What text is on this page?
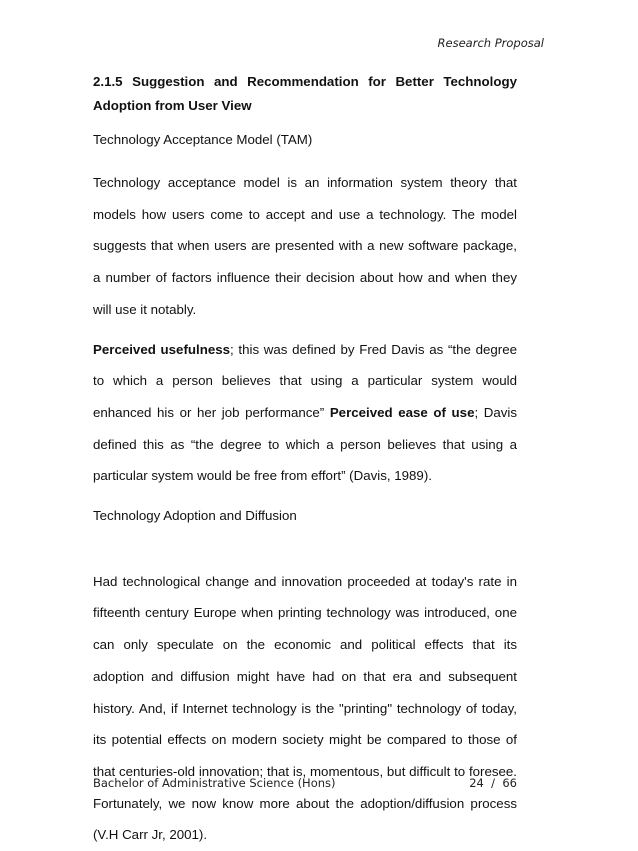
Research Proposal
2.1.5 Suggestion and Recommendation for Better Technology
Adoption from User View

Technology Acceptance Model (TAM)

Technology acceptance model is an information system theory that models how users come to accept and use a technology. The model suggests that when users are presented with a new software package, a number of factors influence their decision about how and when they will use it notably.

Perceived usefulness; this was defined by Fred Davis as “the degree to which a person believes that using a particular system would enhanced his or her job performance” Perceived ease of use; Davis defined this as “the degree to which a person believes that using a particular system would be free from effort” (Davis, 1989).

Technology Adoption and Diffusion

Had technological change and innovation proceeded at today's rate in fifteenth century Europe when printing technology was introduced, one can only speculate on the economic and political effects that its adoption and diffusion might have had on that era and subsequent history. And, if Internet technology is the "printing" technology of today, its potential effects on modern society might be compared to those of that centuries-old innovation; that is, momentous, but difficult to foresee. Fortunately, we now know more about the adoption/diffusion process (V.H Carr Jr, 2001).

Bachelor of Administrative Science (Hons)	24 / 66
